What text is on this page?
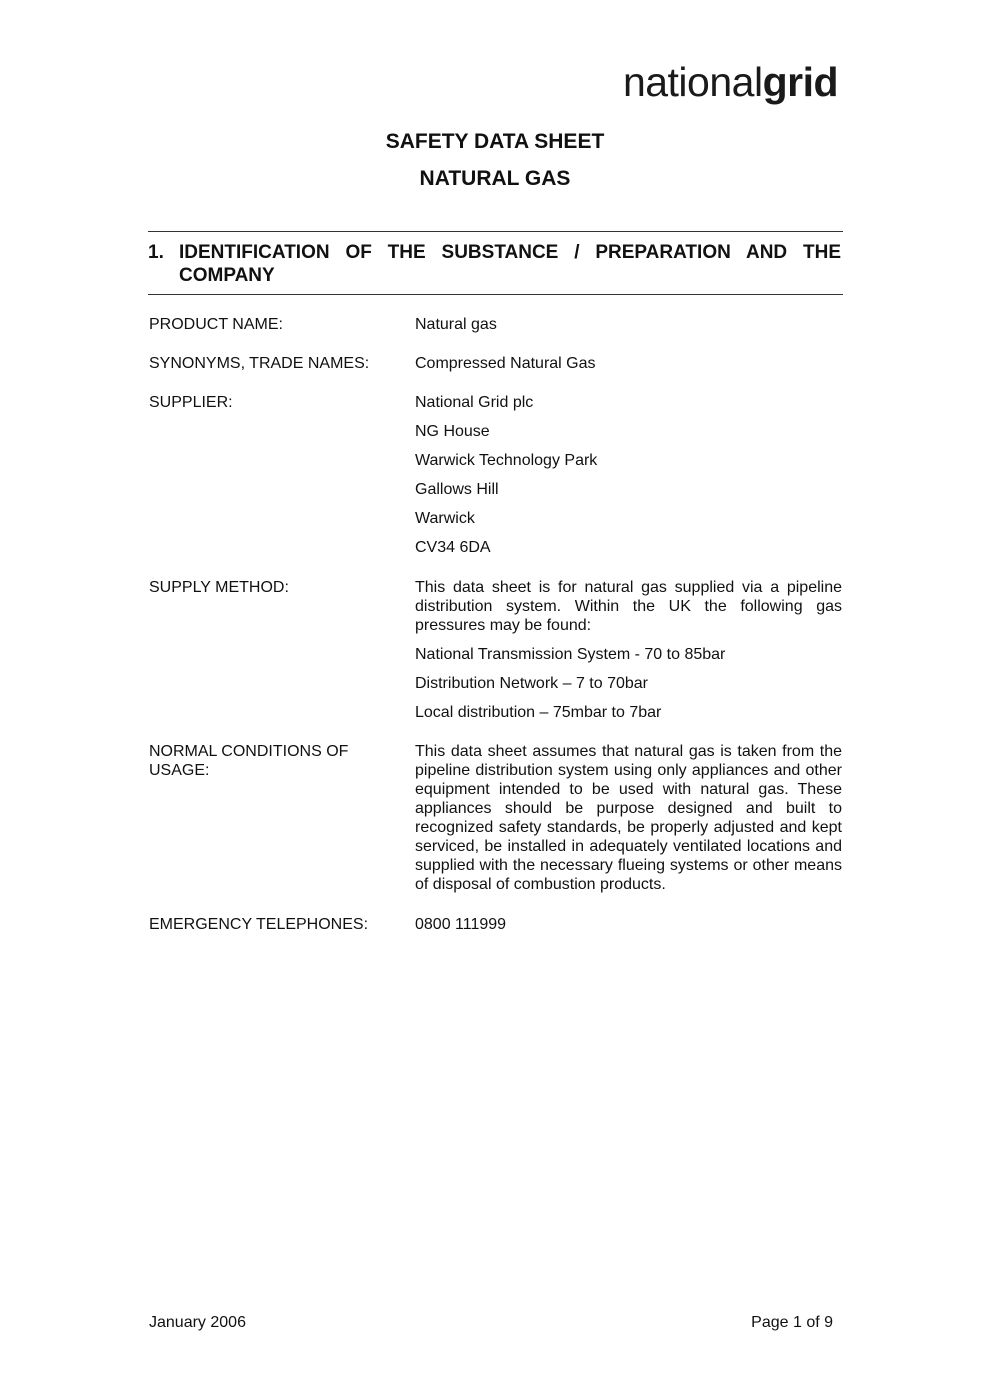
nationalgrid
SAFETY DATA SHEET
NATURAL GAS
1. IDENTIFICATION OF THE SUBSTANCE / PREPARATION AND THE
COMPANY
PRODUCT NAME:	Natural gas
SYNONYMS, TRADE NAMES:	Compressed Natural Gas
SUPPLIER:	National Grid plc
NG House
Warwick Technology Park
Gallows Hill
Warwick
CV34 6DA
SUPPLY METHOD:	This data sheet is for natural gas supplied via a pipeline distribution system. Within the UK the following gas pressures may be found:
National Transmission System - 70 to 85bar
Distribution Network – 7 to 70bar
Local distribution – 75mbar to 7bar
NORMAL CONDITIONS OF USAGE:
This data sheet assumes that natural gas is taken from the pipeline distribution system using only appliances and other equipment intended to be used with natural gas. These appliances should be purpose designed and built to recognized safety standards, be properly adjusted and kept serviced, be installed in adequately ventilated locations and supplied with the necessary flueing systems or other means of disposal of combustion products.
EMERGENCY TELEPHONES:	0800 111999
January 2006	Page 1 of 9
